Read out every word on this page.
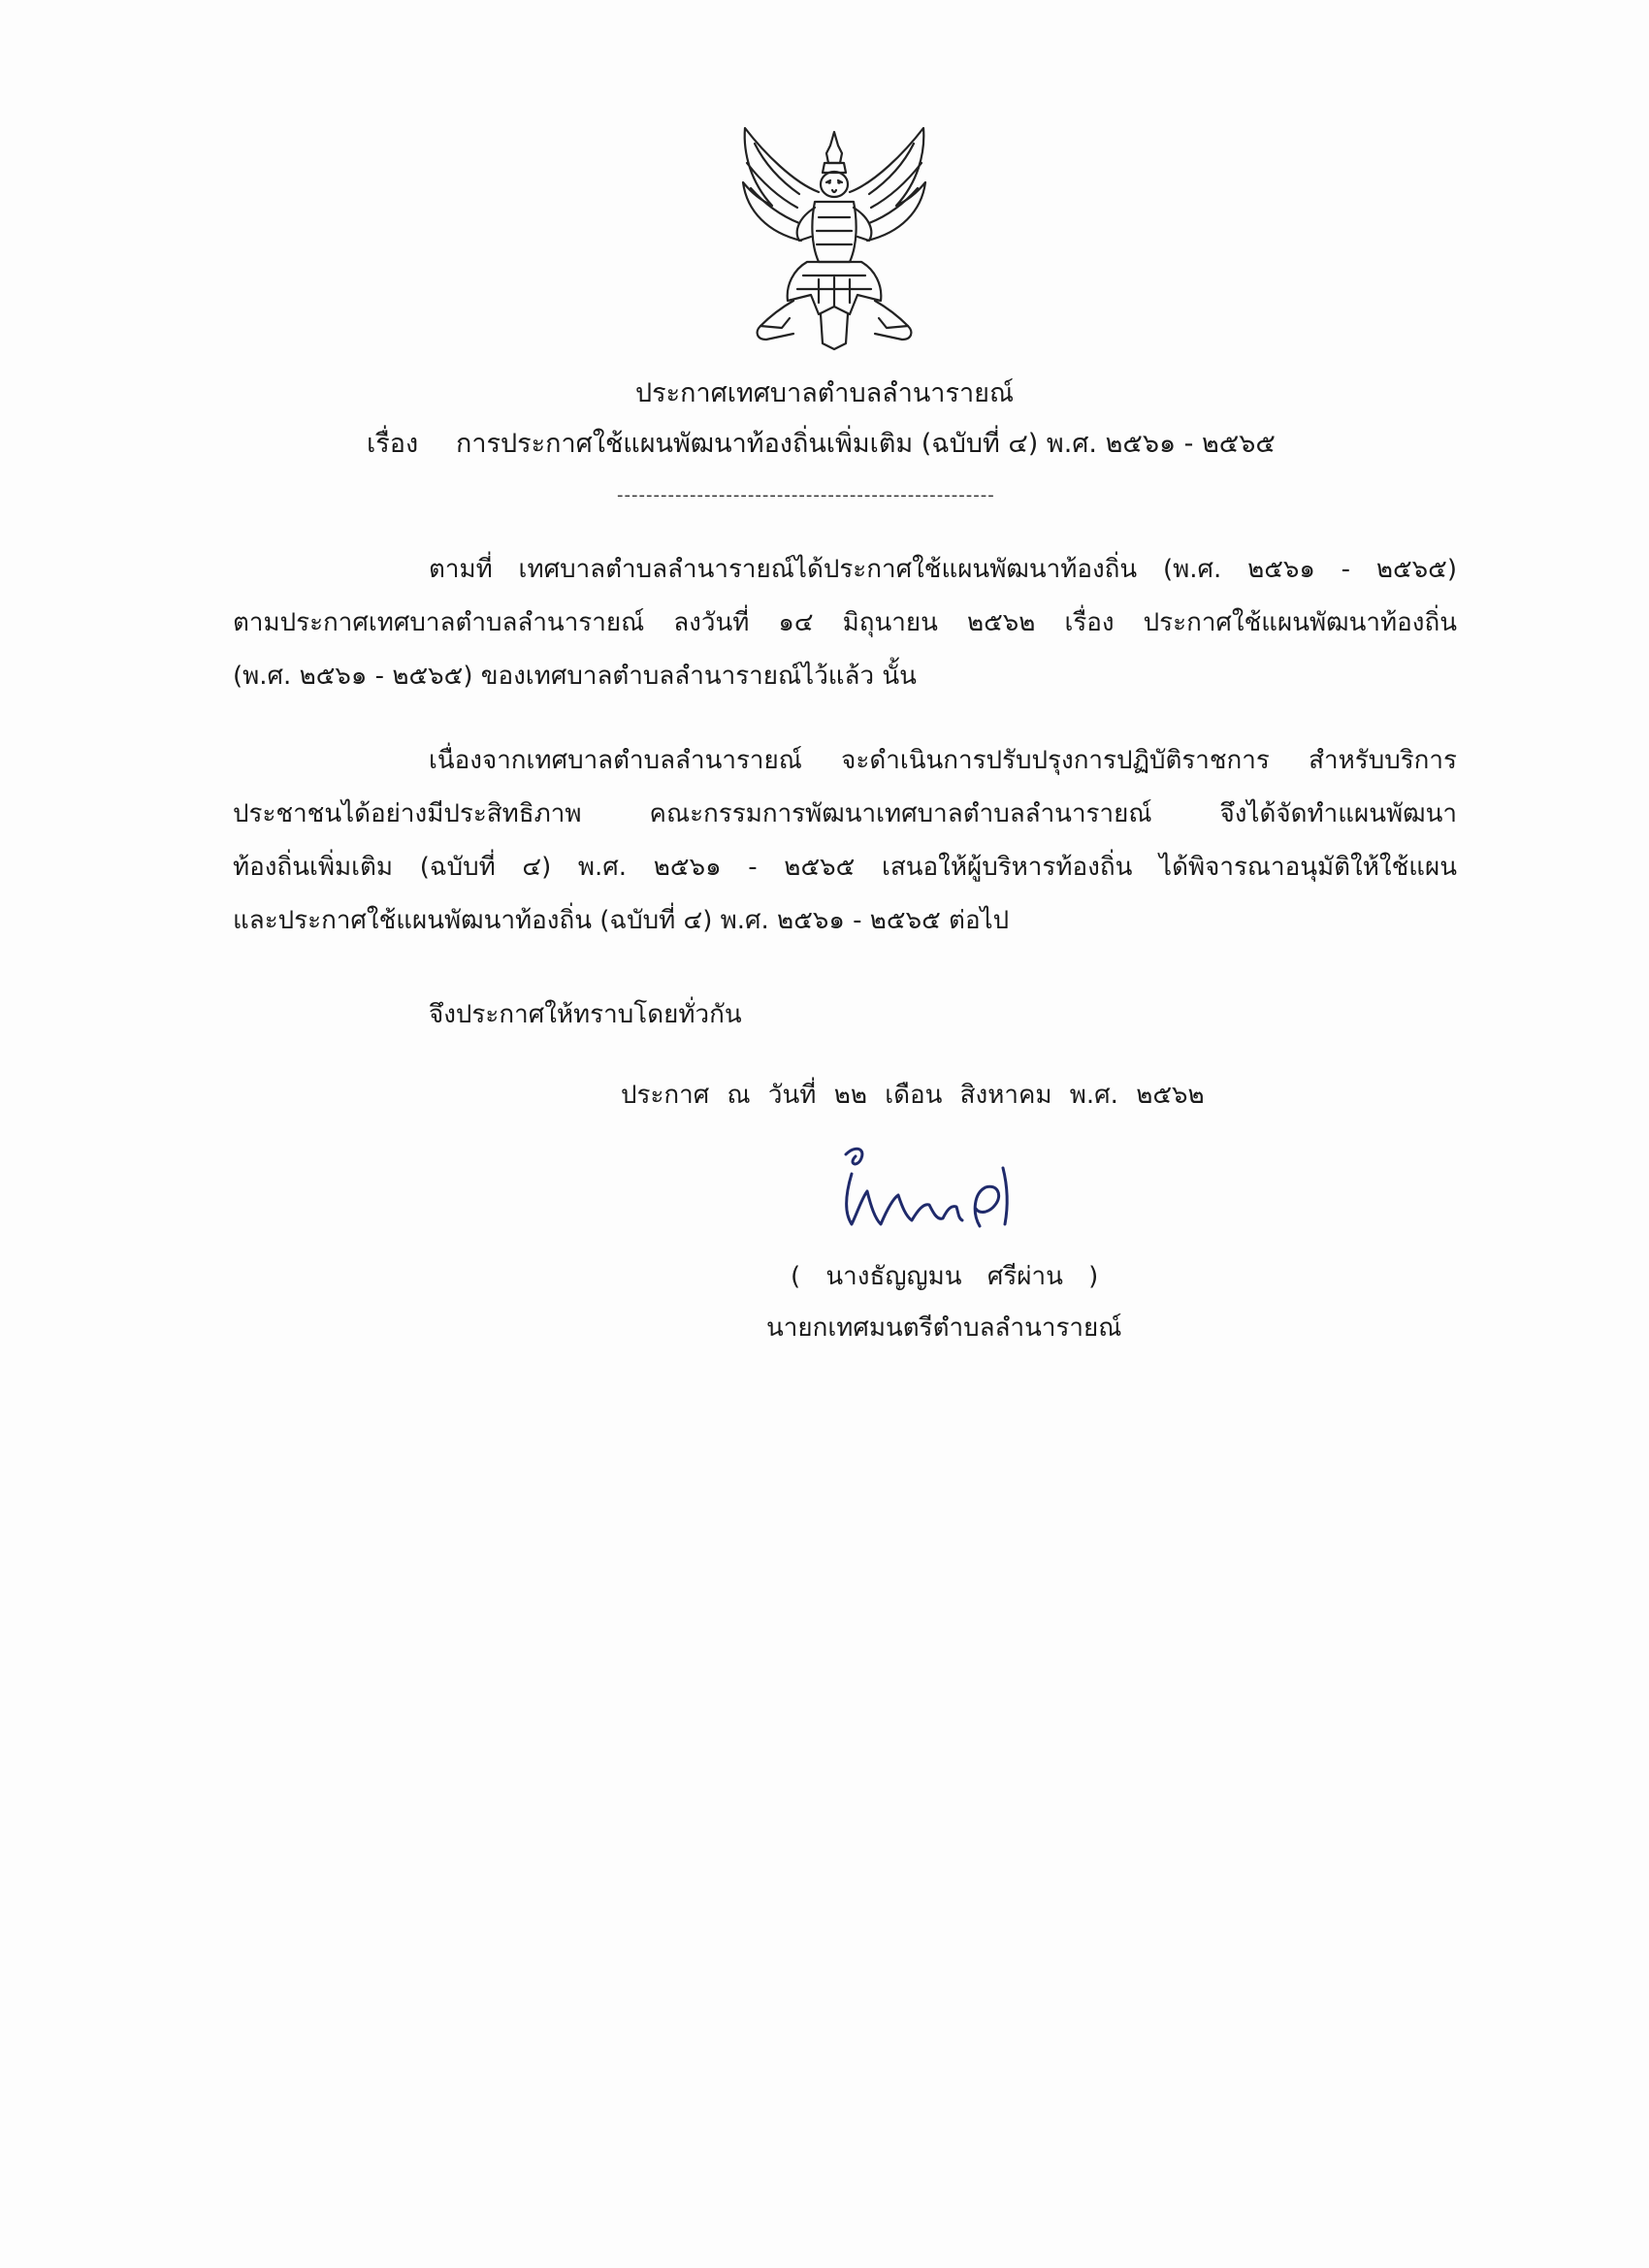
ประกาศเทศบาลตำบลลำนารายณ์
เรื่อง การประกาศใช้แผนพัฒนาท้องถิ่นเพิ่มเติม (ฉบับที่ ๔) พ.ศ. ๒๕๖๑ - ๒๕๖๕
----------------------------------------------------
ตามที่ เทศบาลตำบลลำนารายณ์ได้ประกาศใช้แผนพัฒนาท้องถิ่น (พ.ศ. ๒๕๖๑ - ๒๕๖๕)
ตามประกาศเทศบาลตำบลลำนารายณ์ ลงวันที่ ๑๔ มิถุนายน ๒๕๖๒ เรื่อง ประกาศใช้แผนพัฒนาท้องถิ่น
(พ.ศ. ๒๕๖๑ - ๒๕๖๕) ของเทศบาลตำบลลำนารายณ์ไว้แล้ว นั้น
เนื่องจากเทศบาลตำบลลำนารายณ์ จะดำเนินการปรับปรุงการปฏิบัติราชการ สำหรับบริการ
ประชาชนได้อย่างมีประสิทธิภาพ คณะกรรมการพัฒนาเทศบาลตำบลลำนารายณ์ จึงได้จัดทำแผนพัฒนา
ท้องถิ่นเพิ่มเติม (ฉบับที่ ๔) พ.ศ. ๒๕๖๑ - ๒๕๖๕ เสนอให้ผู้บริหารท้องถิ่น ได้พิจารณาอนุมัติให้ใช้แผน
และประกาศใช้แผนพัฒนาท้องถิ่น (ฉบับที่ ๔) พ.ศ. ๒๕๖๑ - ๒๕๖๕ ต่อไป
จึงประกาศให้ทราบโดยทั่วกัน
ประกาศ ณ วันที่ ๒๒ เดือน สิงหาคม พ.ศ. ๒๕๖๒
( นางธัญญมน ศรีผ่าน )
นายกเทศมนตรีตำบลลำนารายณ์
